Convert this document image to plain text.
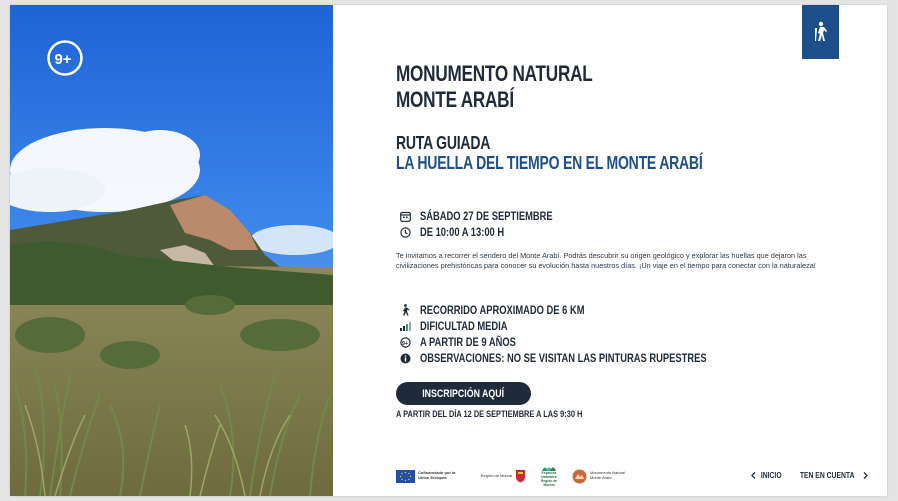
9+
MONUMENTO NATURAL
MONTE ARABÍ
RUTA GUIADA
LA HUELLA DEL TIEMPO EN EL MONTE ARABÍ
SÁBADO 27 DE SEPTIEMBRE
DE 10:00 A 13:00 H
Te invitamos a recorrer el sendero del Monte Arabí. Podrás descubrir su origen geológico y explorar las huellas que dejaron las civilizaciones prehistóricas para conocer su evolución hasta nuestros días. ¡Un viaje en el tiempo para conectar con la naturaleza!
RECORRIDO APROXIMADO DE 6 KM
DIFICULTAD MEDIA
9+ A PARTIR DE 9 AÑOS
OBSERVACIONES: NO SE VISITAN LAS PINTURAS RUPESTRES
INSCRIPCIÓN AQUÍ
A PARTIR DEL DÍA 12 DE SEPTIEMBRE A LAS 9:30 H
Cofinanciado por la Unión Europea	Región de Murcia	Espacios Naturales Región de Murcia
Monumento Natural Monte Arabí	INICIO TEN EN CUENTA
